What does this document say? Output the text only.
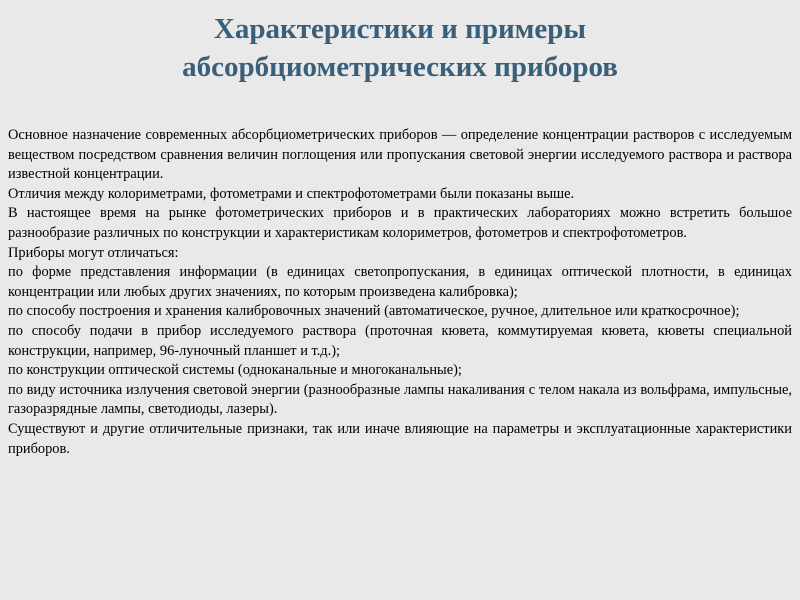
Характеристики и примеры
абсорбциометрических приборов

Основное назначение современных абсорбциометрических приборов — определение концентрации растворов с исследуемым веществом посредством сравнения величин поглощения или пропускания световой энергии исследуемого раствора и раствора известной концентрации.

Отличия между колориметрами, фотометрами и спектрофотометрами были показаны выше.

В настоящее время на рынке фотометрических приборов и в практических лабораториях можно встретить большое разнообразие различных по конструкции и характеристикам колориметров, фотометров и спектрофотометров.

Приборы могут отличаться:

по форме представления информации (в единицах светопропускания, в единицах оптической плотности, в единицах концентрации или любых других значениях, по которым произведена калибровка);

по способу построения и хранения калибровочных значений (автоматическое, ручное, длительное или краткосрочное);

по способу подачи в прибор исследуемого раствора (проточная кювета, коммутируемая кювета, кюветы специальной конструкции, например, 96-луночный планшет и т.д.);

по конструкции оптической системы (одноканальные и многоканальные);

по виду источника излучения световой энергии (разнообразные лампы накаливания с телом накала из вольфрама, импульсные, газоразрядные лампы, светодиоды, лазеры).

Существуют и другие отличительные признаки, так или иначе влияющие на параметры и эксплуатационные характеристики приборов.
